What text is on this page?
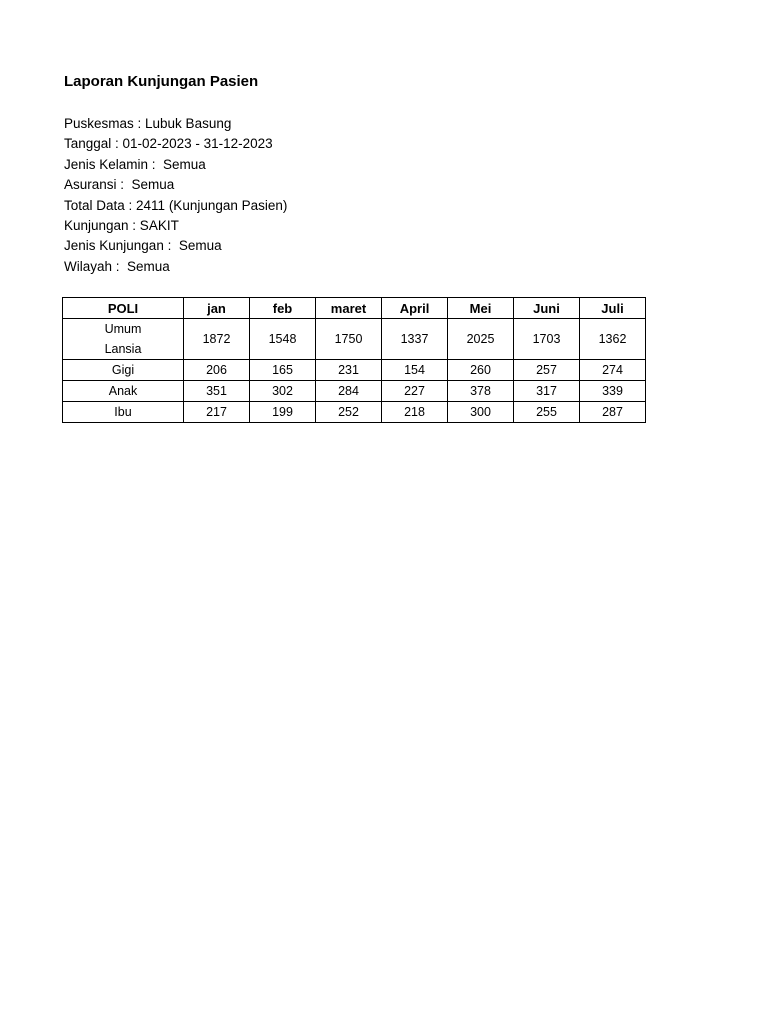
Laporan Kunjungan Pasien
Puskesmas : Lubuk Basung
Tanggal : 01-02-2023 - 31-12-2023
Jenis Kelamin :  Semua
Asuransi :  Semua
Total Data : 2411 (Kunjungan Pasien)
Kunjungan : SAKIT
Jenis Kunjungan :  Semua
Wilayah :  Semua
POLI	jan	feb	maret	April	Mei	Juni	Juli

Umum
Lansia	1872	1548	1750	1337	2025	1703	1362
Gigi	206	165	231	154	260	257	274
Anak	351	302	284	227	378	317	339
Ibu	217	199	252	218	300	255	287
